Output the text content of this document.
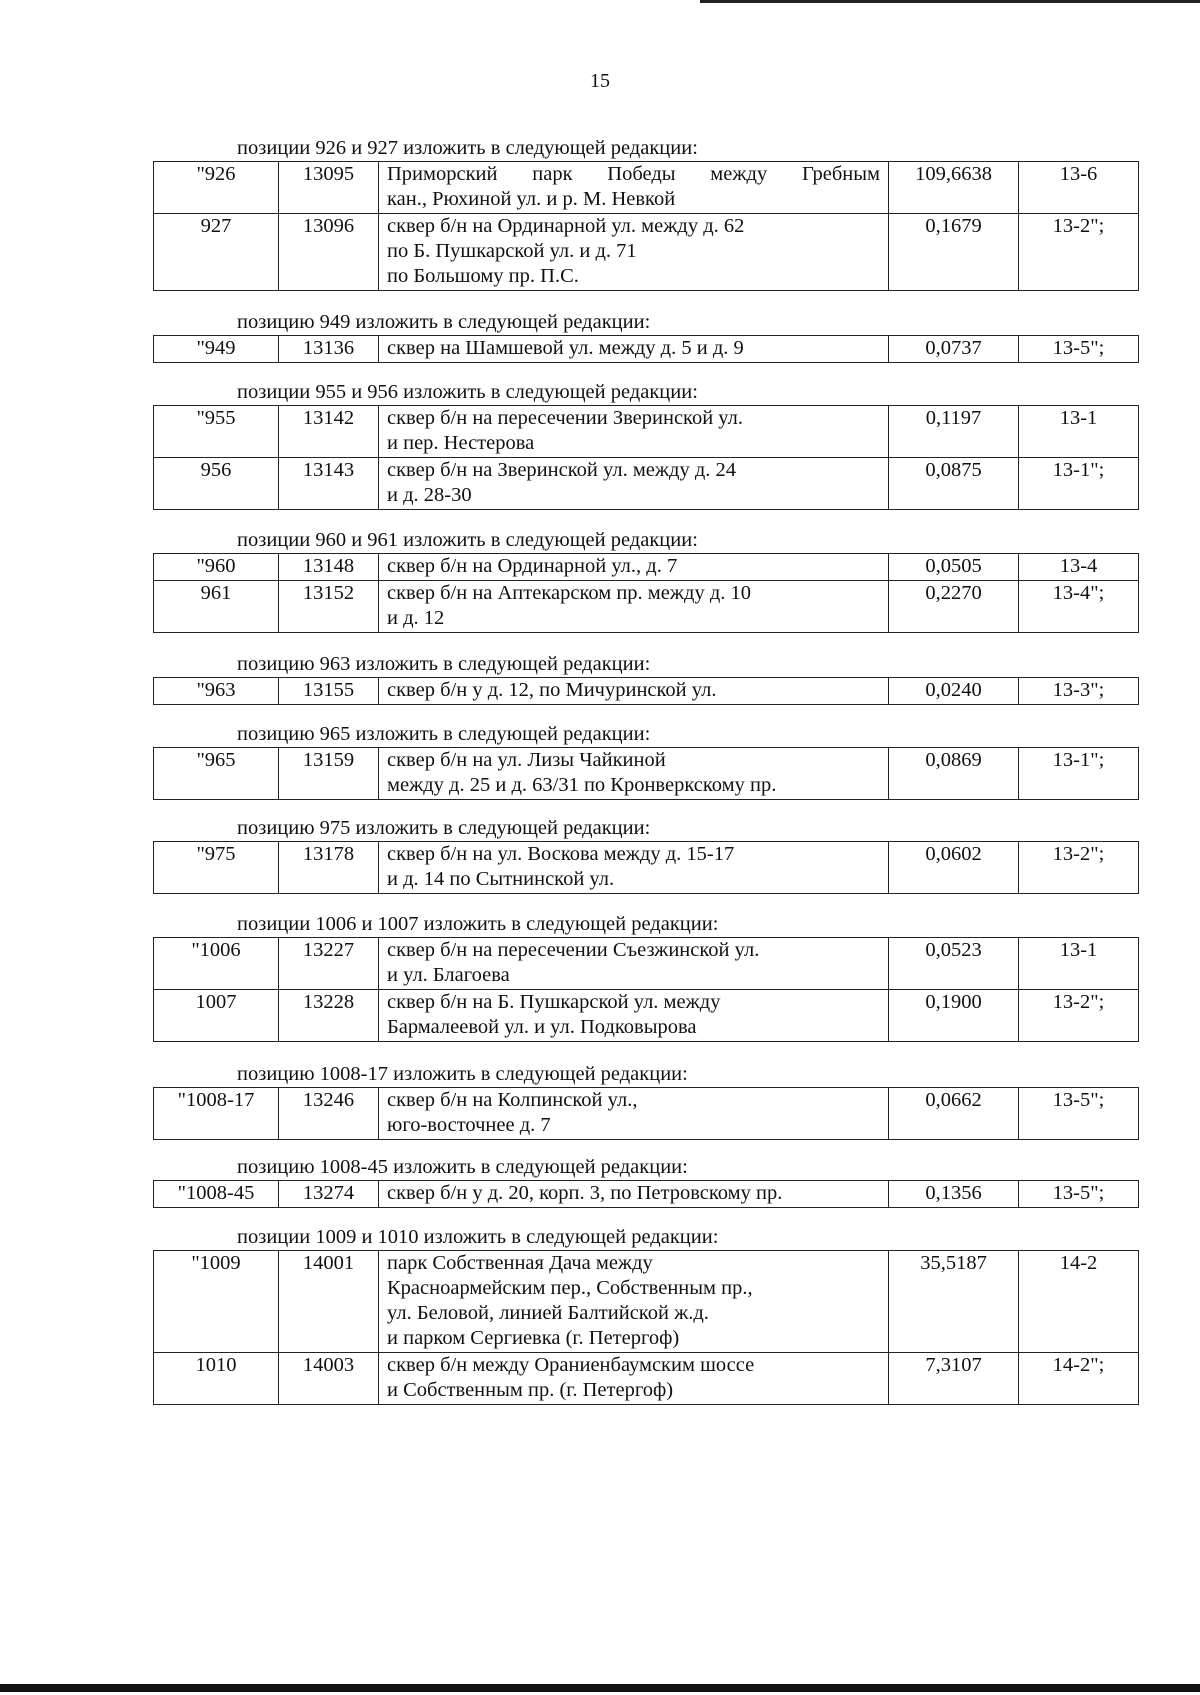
15
позиции 926 и 927 изложить в следующей редакции:
"926	13095	Приморский парк Победы между Гребным
кан., Рюхиной ул. и р. М. Невкой	109,6638	13-6
927	13096	сквер б/н на Ординарной ул. между д. 62
по Б. Пушкарской ул. и д. 71
по Большому пр. П.С.	0,1679	13-2";
позицию 949 изложить в следующей редакции:
"949	13136	сквер на Шамшевой ул. между д. 5 и д. 9	0,0737	13-5";
позиции 955 и 956 изложить в следующей редакции:
"955	13142	сквер б/н на пересечении Зверинской ул.
и пер. Нестерова	0,1197	13-1
956	13143	сквер б/н на Зверинской ул. между д. 24
и д. 28-30	0,0875	13-1";
позиции 960 и 961 изложить в следующей редакции:
"960	13148	сквер б/н на Ординарной ул., д. 7	0,0505	13-4
961	13152	сквер б/н на Аптекарском пр. между д. 10
и д. 12	0,2270	13-4";
позицию 963 изложить в следующей редакции:
"963	13155	сквер б/н у д. 12, по Мичуринской ул.	0,0240	13-3";
позицию 965 изложить в следующей редакции:
"965	13159	сквер б/н на ул. Лизы Чайкиной
между д. 25 и д. 63/31 по Кронверкскому пр.
	0,0869	13-1";
позицию 975 изложить в следующей редакции:
"975	13178	сквер б/н на ул. Воскова между д. 15-17
и д. 14 по Сытнинской ул.
	0,0602	13-2";
позиции 1006 и 1007 изложить в следующей редакции:
"1006	13227	сквер б/н на пересечении Съезжинской ул.
и ул. Благоева	0,0523	13-1
1007	13228	сквер б/н на Б. Пушкарской ул. между
Бармалеевой ул. и ул. Подковырова	0,1900	13-2";
позицию 1008-17 изложить в следующей редакции:
"1008-17	13246	сквер б/н на Колпинской ул.,
юго-восточнее д. 7
	0,0662	13-5";
позицию 1008-45 изложить в следующей редакции:
"1008-45	13274	сквер б/н у д. 20, корп. 3, по Петровскому пр.	0,1356	13-5";
позиции 1009 и 1010 изложить в следующей редакции:
"1009	14001	парк Собственная Дача между
Красноармейским пер., Собственным пр.,
ул. Беловой, линией Балтийской ж.д.
и парком Сергиевка (г. Петергоф)	35,5187	14-2
1010	14003	сквер б/н между Ораниенбаумским шоссе
и Собственным пр. (г. Петергоф)	7,3107	14-2";
